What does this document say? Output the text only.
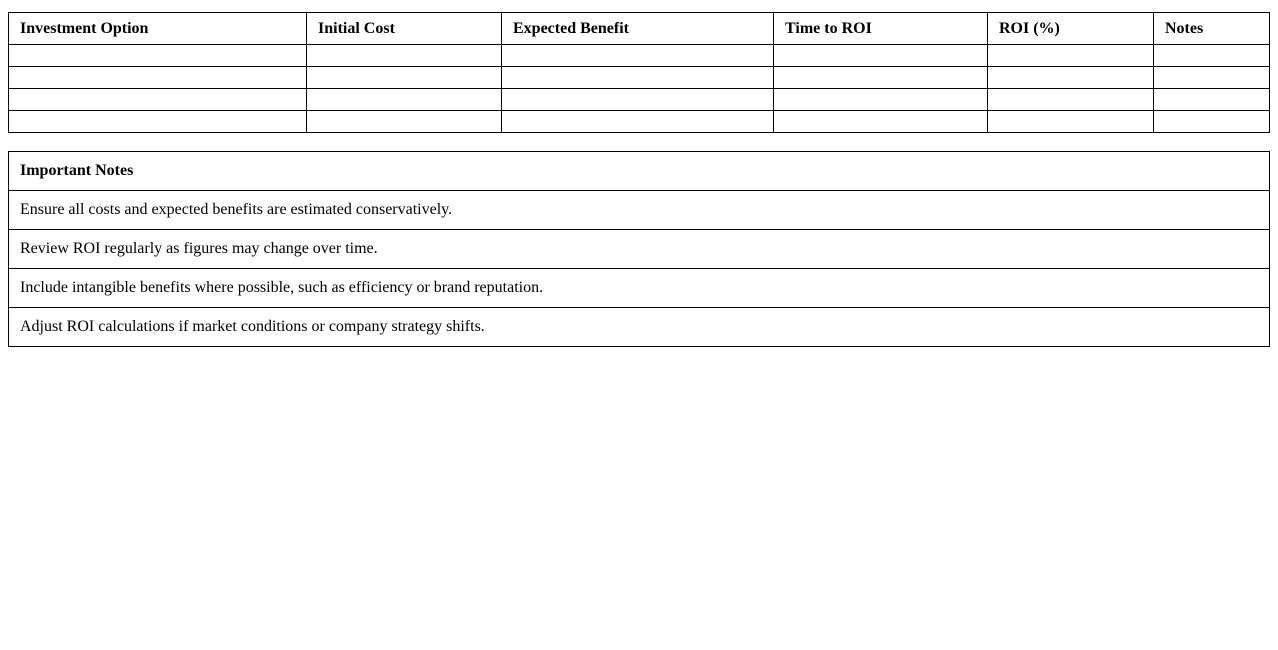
Investment Option	Initial Cost	Expected Benefit	Time to ROI	ROI (%)	Notes

Important Notes
Ensure all costs and expected benefits are estimated conservatively.
Review ROI regularly as figures may change over time.
Include intangible benefits where possible, such as efficiency or brand reputation.
Adjust ROI calculations if market conditions or company strategy shifts.
